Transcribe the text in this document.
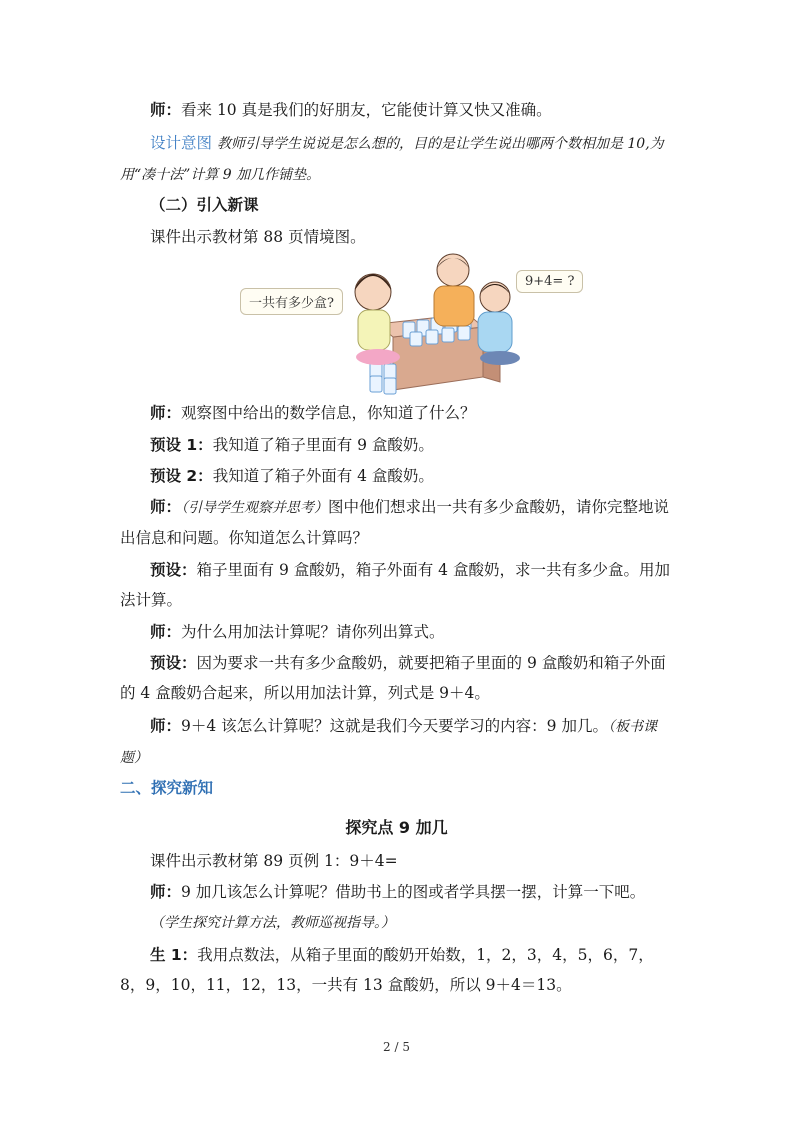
师：看来 10 真是我们的好朋友，它能使计算又快又准确。
设计意图 教师引导学生说说是怎么想的，目的是让学生说出哪两个数相加是 10,为用“凑十法”计算 9 加几作铺垫。
（二）引入新课
课件出示教材第 88 页情境图。
一共有多少盒?
9+4= ?
师：观察图中给出的数学信息，你知道了什么？
预设 1：我知道了箱子里面有 9 盒酸奶。
预设 2：我知道了箱子外面有 4 盒酸奶。
师：（引导学生观察并思考）图中他们想求出一共有多少盒酸奶，请你完整地说出信息和问题。你知道怎么计算吗？
预设：箱子里面有 9 盒酸奶，箱子外面有 4 盒酸奶，求一共有多少盒。用加法计算。
师：为什么用加法计算呢？请你列出算式。
预设：因为要求一共有多少盒酸奶，就要把箱子里面的 9 盒酸奶和箱子外面的 4 盒酸奶合起来，所以用加法计算，列式是 9＋4。
师：9＋4 该怎么计算呢？这就是我们今天要学习的内容：9 加几。（板书课题）
二、探究新知
探究点 9 加几
课件出示教材第 89 页例 1：9＋4=
师：9 加几该怎么计算呢？借助书上的图或者学具摆一摆，计算一下吧。
（学生探究计算方法，教师巡视指导。）
生 1：我用点数法，从箱子里面的酸奶开始数，1，2，3，4，5，6，7，8，9，10，11，12，13，一共有 13 盒酸奶，所以 9＋4＝13。
2 / 5
